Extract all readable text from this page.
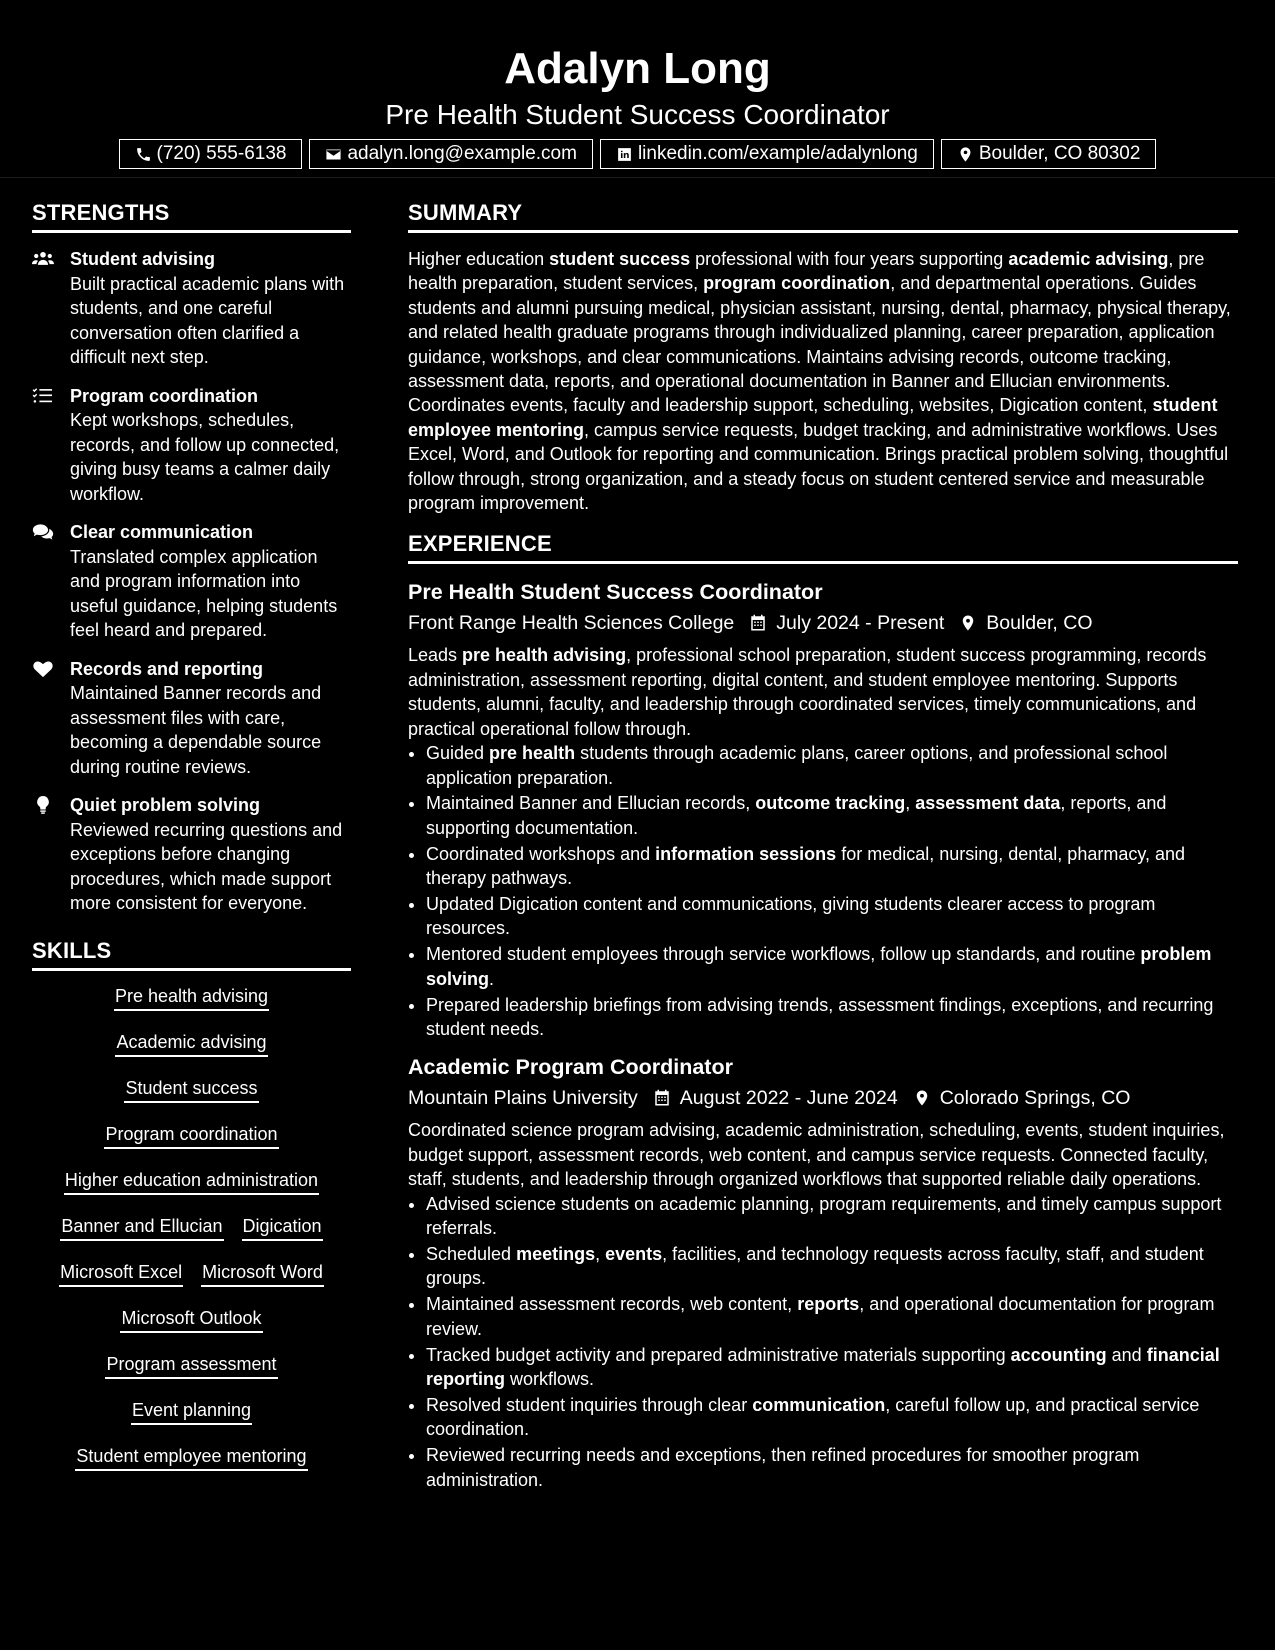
Adalyn Long
Pre Health Student Success Coordinator
(720) 555-6138	adalyn.long@example.com	linkedin.com/example/adalynlong	Boulder, CO 80302
STRENGTHS
Student advising
Built practical academic plans with students, and one careful conversation often clarified a difficult next step.
Program coordination
Kept workshops, schedules, records, and follow up connected, giving busy teams a calmer daily workflow.
Clear communication
Translated complex application and program information into useful guidance, helping students feel heard and prepared.
Records and reporting
Maintained Banner records and assessment files with care, becoming a dependable source during routine reviews.
Quiet problem solving
Reviewed recurring questions and exceptions before changing procedures, which made support more consistent for everyone.
SKILLS
Pre health advising
Academic advising
Student success
Program coordination
Higher education administration
Banner and Ellucian Digication
Microsoft Excel Microsoft Word
Microsoft Outlook
Program assessment
Event planning
Student employee mentoring
SUMMARY

Higher education student success professional with four years supporting academic advising, pre health preparation, student services, program coordination, and departmental operations. Guides students and alumni pursuing medical, physician assistant, nursing, dental, pharmacy, physical therapy, and related health graduate programs through individualized planning, career preparation, application guidance, workshops, and clear communications. Maintains advising records, outcome tracking, assessment data, reports, and operational documentation in Banner and Ellucian environments. Coordinates events, faculty and leadership support, scheduling, websites, Digication content, student employee mentoring, campus service requests, budget tracking, and administrative workflows. Uses Excel, Word, and Outlook for reporting and communication. Brings practical problem solving, thoughtful follow through, strong organization, and a steady focus on student centered service and measurable program improvement.

EXPERIENCE
Pre Health Student Success Coordinator
Front Range Health Sciences College July 2024 - Present Boulder, CO

Leads pre health advising, professional school preparation, student success programming, records administration, assessment reporting, digital content, and student employee mentoring. Supports students, alumni, faculty, and leadership through coordinated services, timely communications, and practical operational follow through.

• Guided pre health students through academic plans, career options, and professional school application preparation.
• Maintained Banner and Ellucian records, outcome tracking, assessment data, reports, and supporting documentation.
• Coordinated workshops and information sessions for medical, nursing, dental, pharmacy, and therapy pathways.
• Updated Digication content and communications, giving students clearer access to program resources.
• Mentored student employees through service workflows, follow up standards, and routine problem solving.
• Prepared leadership briefings from advising trends, assessment findings, exceptions, and recurring student needs.
Academic Program Coordinator
Mountain Plains University August 2022 - June 2024 Colorado Springs, CO

Coordinated science program advising, academic administration, scheduling, events, student inquiries, budget support, assessment records, web content, and campus service requests. Connected faculty, staff, students, and leadership through organized workflows that supported reliable daily operations.

• Advised science students on academic planning, program requirements, and timely campus support referrals.
• Scheduled meetings, events, facilities, and technology requests across faculty, staff, and student groups.
• Maintained assessment records, web content, reports, and operational documentation for program review.
• Tracked budget activity and prepared administrative materials supporting accounting and financial reporting workflows.
• Resolved student inquiries through clear communication, careful follow up, and practical service coordination.
• Reviewed recurring needs and exceptions, then refined procedures for smoother program administration.
